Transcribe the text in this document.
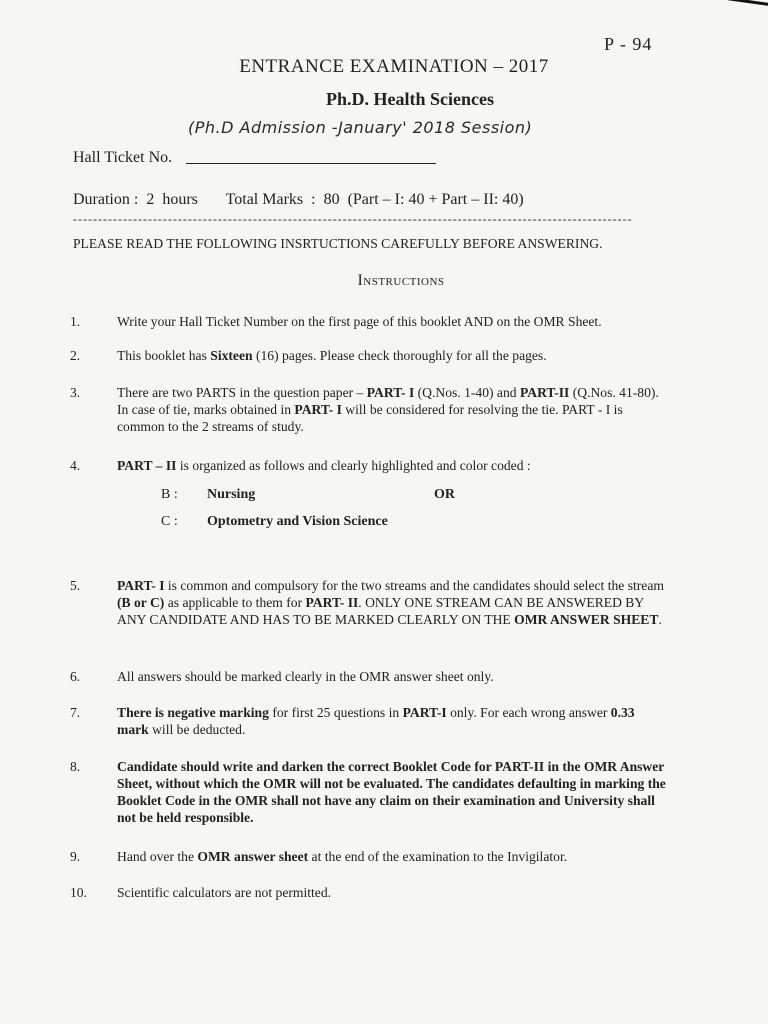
P - 94
ENTRANCE EXAMINATION – 2017
Ph.D. Health Sciences
(Ph.D Admission -January' 2018 Session)
Hall Ticket No.
Duration :  2  hours       Total Marks  :  80  (Part – I: 40 + Part – II: 40)
----------------------------------------------------------------------------------------------------------------
PLEASE READ THE FOLLOWING INSRTUCTIONS CAREFULLY BEFORE ANSWERING.
Instructions
1.	Write your Hall Ticket Number on the first page of this booklet AND on the OMR Sheet.
2.	This booklet has Sixteen (16) pages. Please check thoroughly for all the pages.
3.	There are two PARTS in the question paper – PART- I (Q.Nos. 1-40) and PART-II (Q.Nos. 41-80). In case of tie, marks obtained in PART- I will be considered for resolving the tie. PART - I is common to the 2 streams of study.
4.	PART – II is organized as follows and clearly highlighted and color coded :
B : Nursing	OR
C : Optometry and Vision Science
5.	PART- I is common and compulsory for the two streams and the candidates should select the stream (B or C) as applicable to them for PART- II. ONLY ONE STREAM CAN BE ANSWERED BY ANY CANDIDATE AND HAS TO BE MARKED CLEARLY ON THE OMR ANSWER SHEET.
6.	All answers should be marked clearly in the OMR answer sheet only.
7.	There is negative marking for first 25 questions in PART-I only. For each wrong answer 0.33 mark will be deducted.
8.	Candidate should write and darken the correct Booklet Code for PART-II in the OMR Answer Sheet, without which the OMR will not be evaluated. The candidates defaulting in marking the Booklet Code in the OMR shall not have any claim on their examination and University shall not be held responsible.
9.	Hand over the OMR answer sheet at the end of the examination to the Invigilator.
10. Scientific calculators are not permitted.
